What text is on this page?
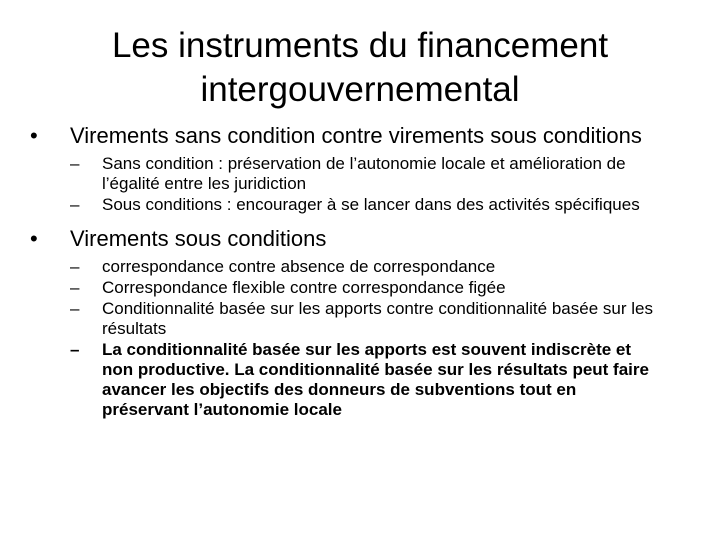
Les instruments du financement intergouvernemental

•	Virements sans condition contre virements sous conditions

– Sans condition : préservation de l’autonomie locale et amélioration de l’égalité entre les juridiction

– Sous conditions : encourager à se lancer dans des activités spécifiques

•	Virements sous conditions

– correspondance contre absence de correspondance

– Correspondance flexible contre correspondance figée

– Conditionnalité basée sur les apports contre conditionnalité basée sur les résultats

– La conditionnalité basée sur les apports est souvent indiscrète et non productive. La conditionnalité basée sur les résultats peut faire avancer les objectifs des donneurs de subventions tout en préservant l’autonomie locale
